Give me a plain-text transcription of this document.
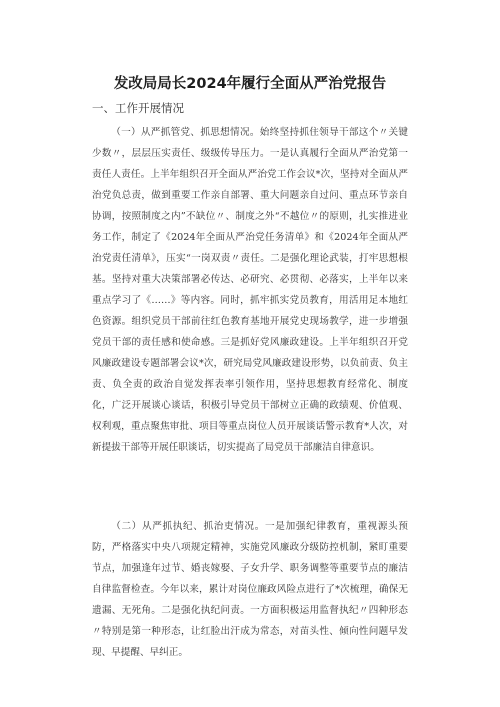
发改局局长2024年履行全面从严治党报告
一、工作开展情况

（一）从严抓管党、抓思想情况。始终坚持抓住领导干部这个〃关键少数〃，层层压实责任、级级传导压力。一是认真履行全面从严治党第一责任人责任。上半年组织召开全面从严治党工作会议*次，坚持对全面从严治党负总责，做到重要工作亲自部署、重大问题亲自过问、重点环节亲自协调，按照制度之内”不缺位〃、制度之外“不越位〃的原则，扎实推进业务工作，制定了《2024年全面从严治党任务清单》和《2024年全面从严治党责任清单》，压实“一岗双责〃责任。二是强化理论武装，打牢思想根基。坚持对重大决策部署必传达、必研究、必贯彻、必落实，上半年以来重点学习了《……》等内容。同时，抓牢抓实党员教育，用活用足本地红色资源。组织党员干部前往红色教育基地开展党史现场教学，进一步增强党员干部的责任感和使命感。三是抓好党风廉政建设。上半年组织召开党风廉政建设专题部署会议*次，研究局党风廉政建设形势，以负前责、负主责、负全责的政治自觉发挥表率引领作用，坚持思想教育经常化、制度化，广泛开展谈心谈话，积极引导党员干部树立正确的政绩观、价值观、权利观，重点聚焦审批、项目等重点岗位人员开展谈话警示教育*人次，对新提拔干部等开展任职谈话，切实提高了局党员干部廉洁自律意识。

（二）从严抓执纪、抓治吏情况。一是加强纪律教育，重视源头预防，严格落实中央八项规定精神，实施党风廉政分级防控机制，紧盯重要节点，加强逢年过节、婚丧嫁娶、子女升学、职务调整等重要节点的廉洁自律监督检查。今年以来，累计对岗位廉政风险点进行了*次梳理，确保无遗漏、无死角。二是强化执纪问责。一方面积极运用监督执纪〃四种形态〃特别是第一种形态，让红脸出汗成为常态，对苗头性、倾向性问题早发现、早提醒、早纠正。
